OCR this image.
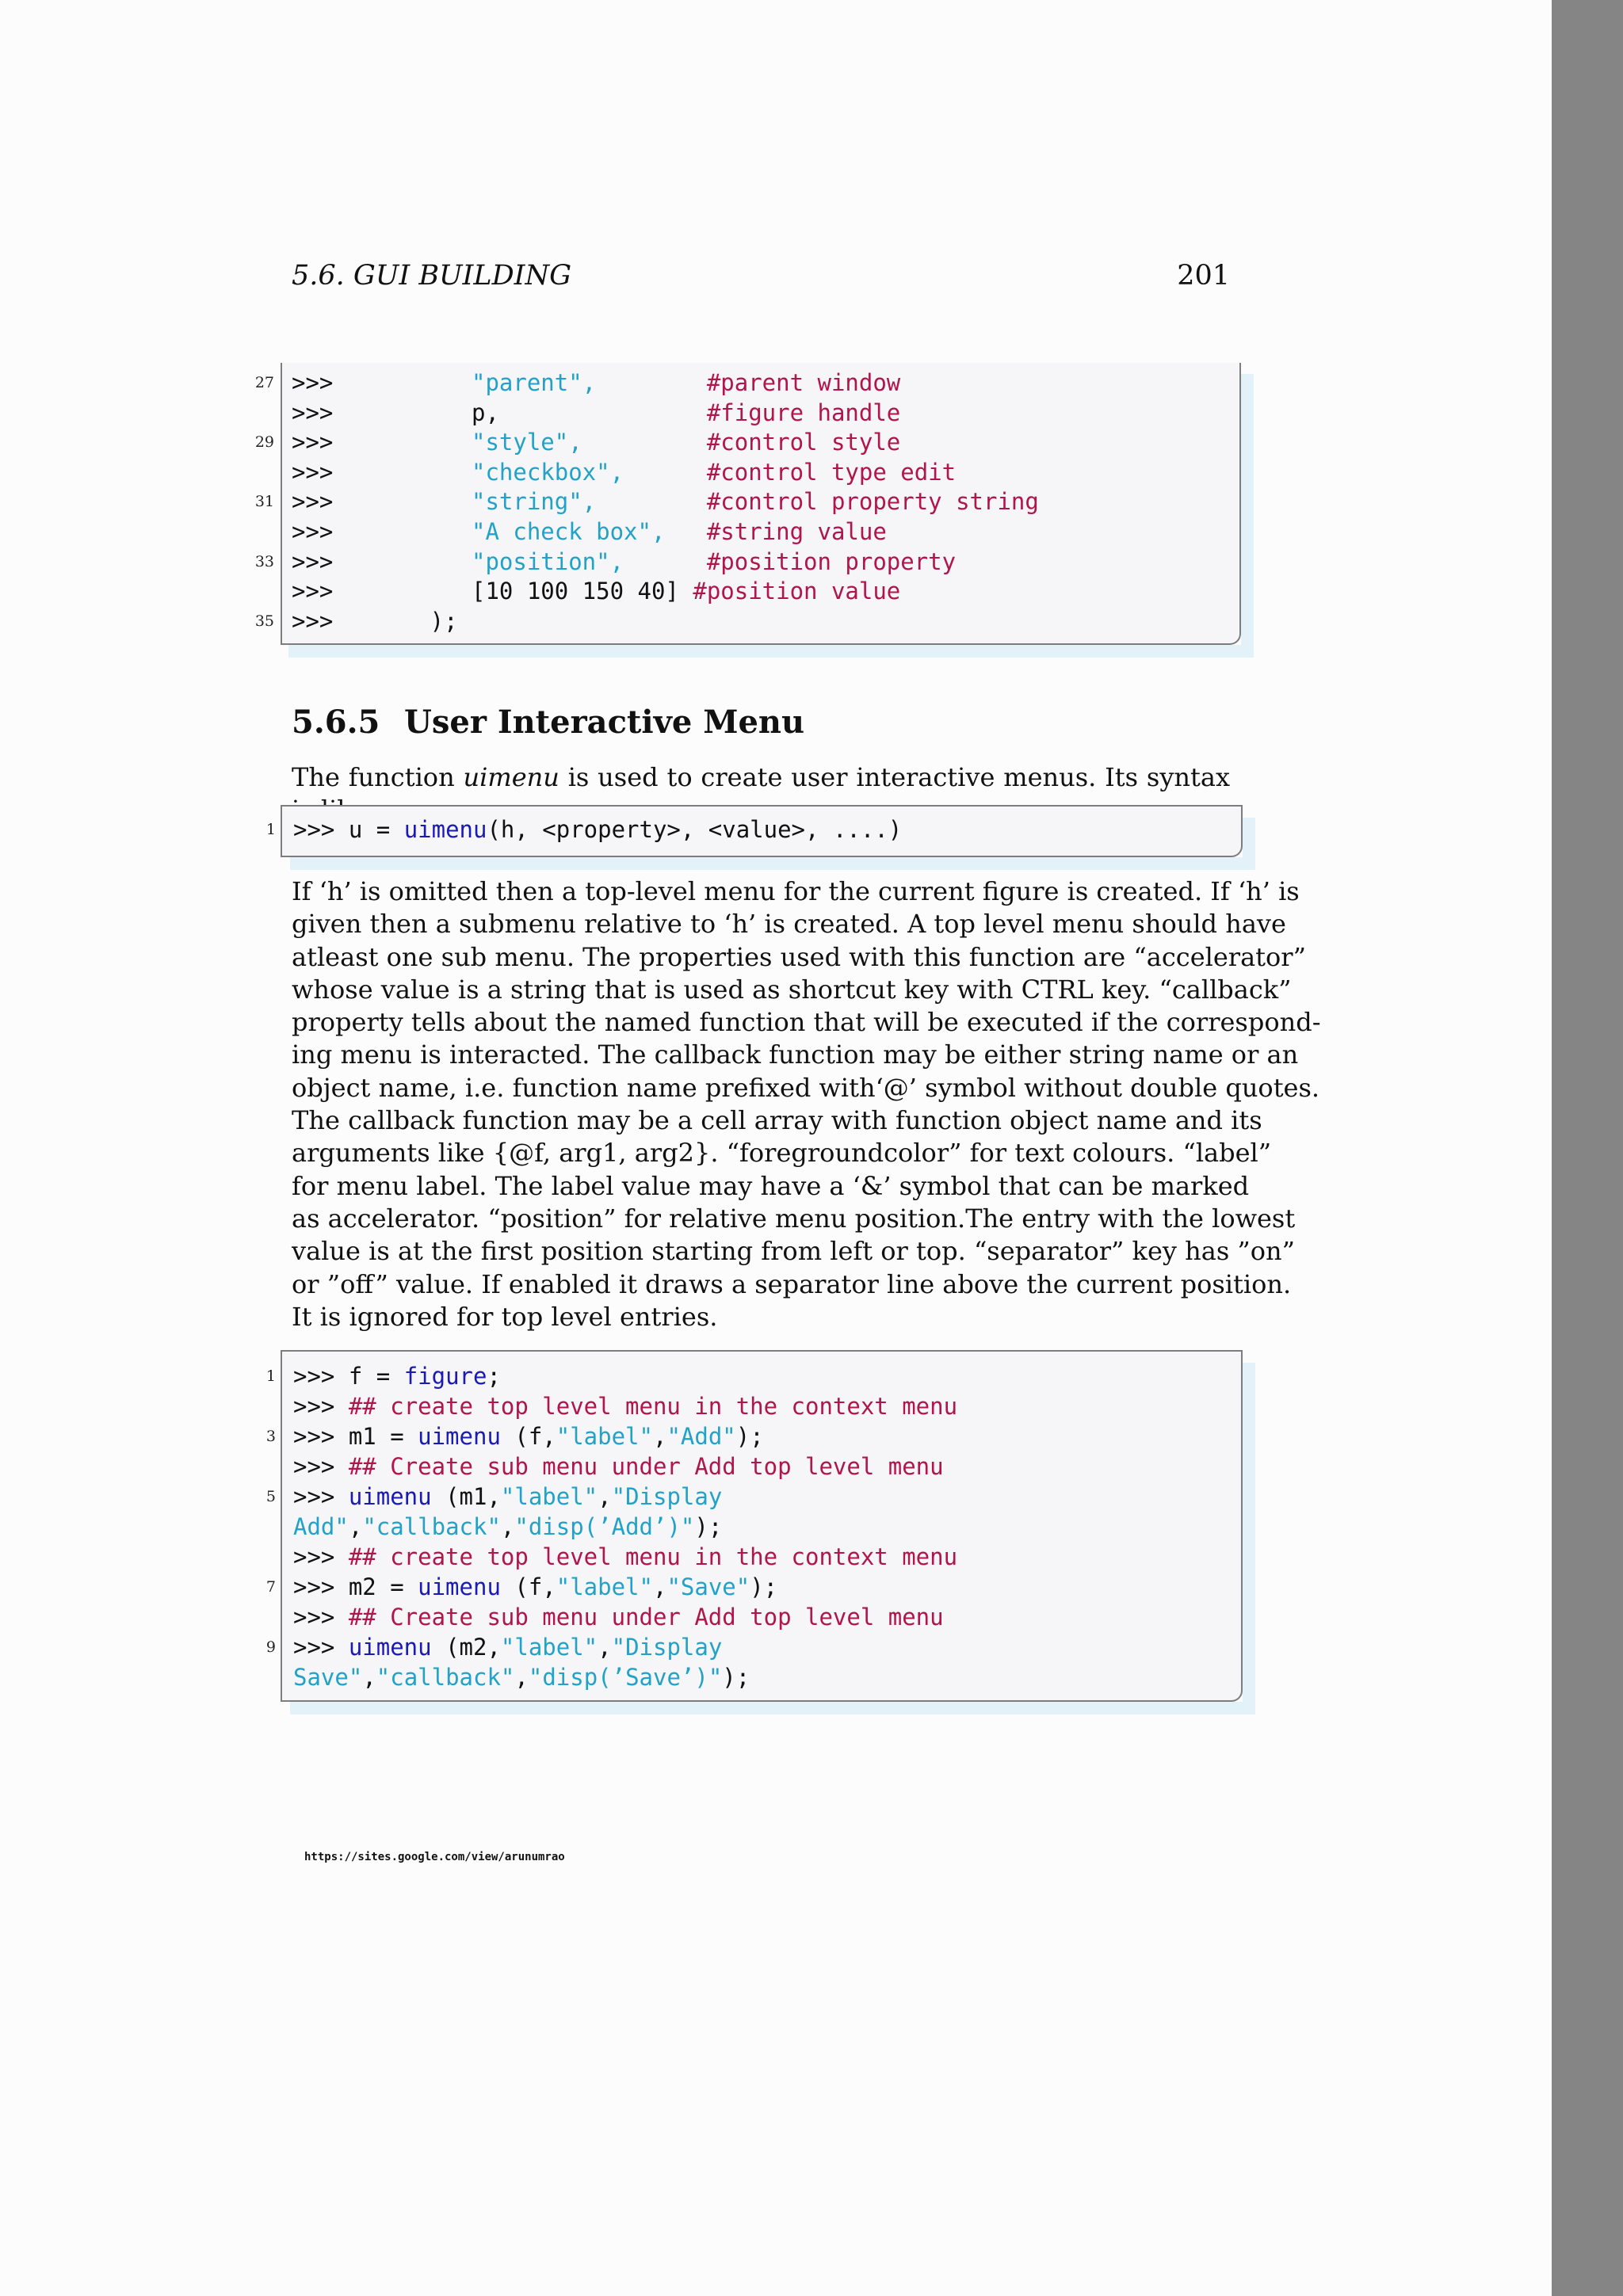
5.6. GUI BUILDING	201
27 >>>	"parent",	#parent window
>>>	p,	#figure handle
29 >>>	"style",	#control style
>>>	"checkbox",	#control type edit
31 >>>	"string",	#control property string
>>>	"A check box", #string value
33 >>>	"position",	#position property
>>>	[10 100 150 40] #position value
35 >>>	);
5.6.5 User Interactive Menu
The function uimenu is used to create user interactive menus. Its syntax
1 >>> u = uimenu(h, <property>, <value>, ....)
If ‘h’ is omitted then a top-level menu for the current figure is created. If ‘h’ is
given then a submenu relative to ‘h’ is created. A top level menu should have
atleast one sub menu. The properties used with this function are “accelerator”
whose value is a string that is used as shortcut key with CTRL key. “callback”
property tells about the named function that will be executed if the correspond-
ing menu is interacted. The callback function may be either string name or an
object name, i.e. function name prefixed with‘@’ symbol without double quotes.
The callback function may be a cell array with function object name and its
arguments like {@f, arg1, arg2}. “foregroundcolor” for text colours. “label”
for menu label. The label value may have a ‘&’ symbol that can be marked
as accelerator. “position” for relative menu position.The entry with the lowest
value is at the first position starting from left or top. “separator” key has ”on”
or ”off” value. If enabled it draws a separator line above the current position.
It is ignored for top level entries.
1 >>> f = figure;
>>> ## create top level menu in the context menu
3 >>> m1 = uimenu (f,"label","Add");
>>> ## Create sub menu under Add top level menu
5 >>> uimenu (m1,"label","Display
Add","callback","disp(’Add’)");
>>> ## create top level menu in the context menu
7 >>> m2 = uimenu (f,"label","Save");
>>> ## Create sub menu under Add top level menu
9 >>> uimenu (m2,"label","Display
Save","callback","disp(’Save’)");
https://sites.google.com/view/arunumrao
